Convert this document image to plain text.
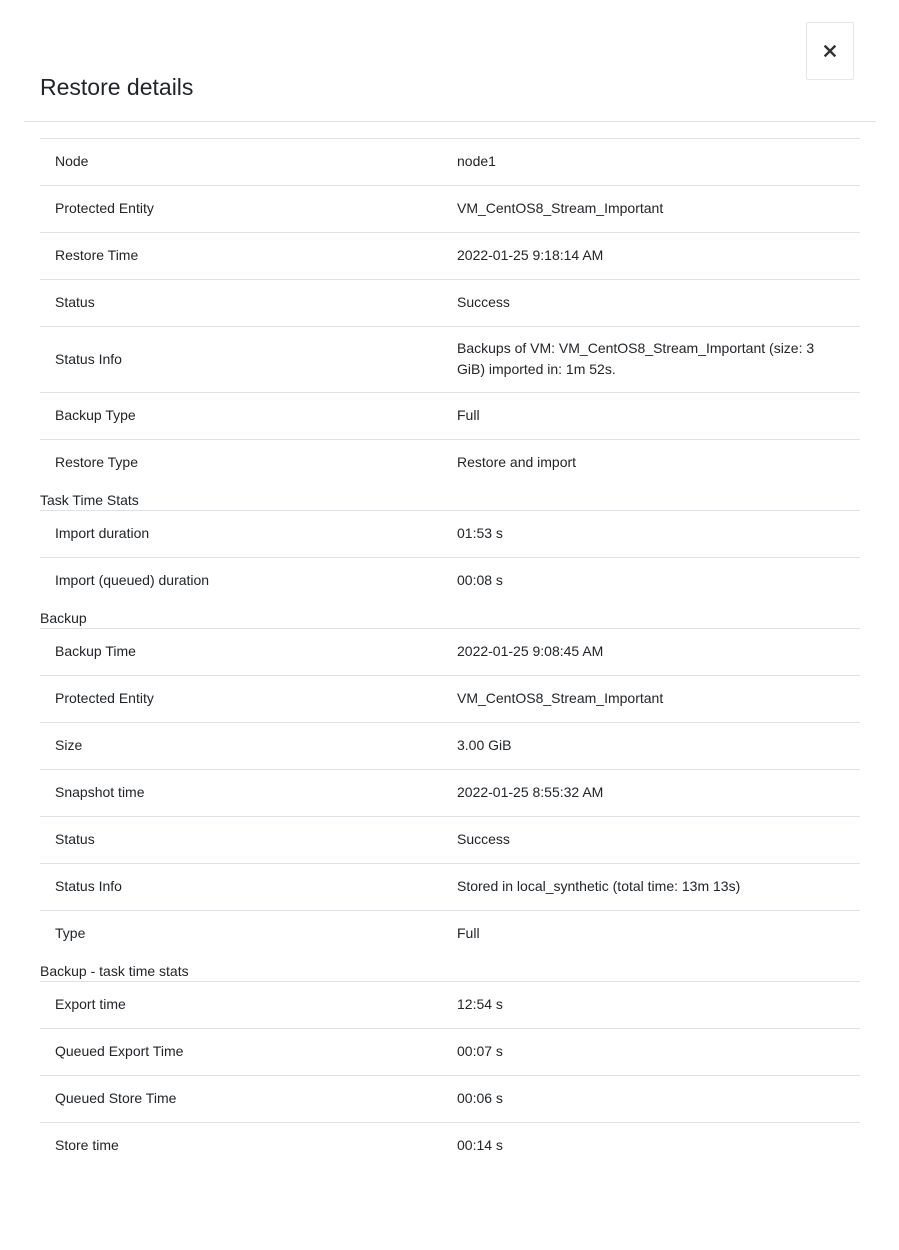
Restore details
Node	node1
Protected Entity	VM_CentOS8_Stream_Important
Restore Time	2022-01-25 9:18:14 AM
Status	Success
Status Info	Backups of VM: VM_CentOS8_Stream_Important (size: 3 GiB) imported in: 1m 52s.
Backup Type	Full
Restore Type	Restore and import
Task Time Stats
Import duration	01:53 s
Import (queued) duration	00:08 s
Backup
Backup Time	2022-01-25 9:08:45 AM
Protected Entity	VM_CentOS8_Stream_Important
Size	3.00 GiB
Snapshot time	2022-01-25 8:55:32 AM
Status	Success
Status Info	Stored in local_synthetic (total time: 13m 13s)
Type	Full
Backup - task time stats
Export time	12:54 s
Queued Export Time	00:07 s
Queued Store Time	00:06 s
Store time	00:14 s
